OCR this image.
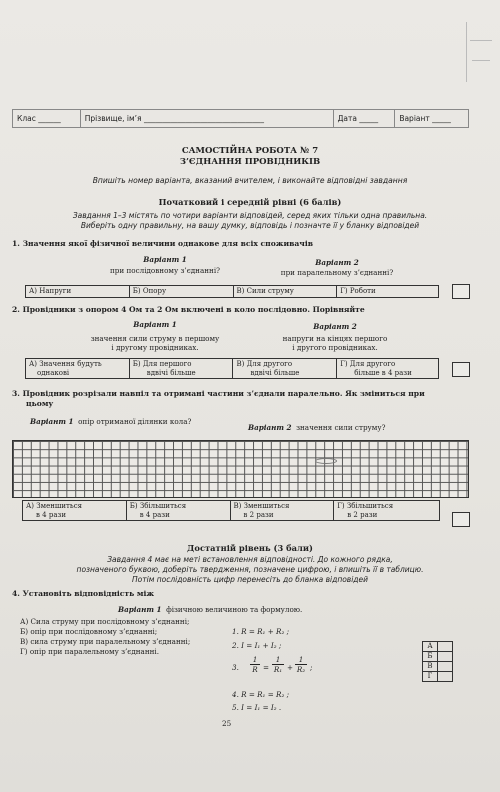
Клас ______	Прізвище, ім’я ________________________________	Дата _____	Варіант _____
САМОСТІЙНА РОБОТА № 7
З’ЄДНАННЯ ПРОВІДНИКІВ
Впишіть номер варіанта, вказаний вчителем, і виконайте відповідні завдання
Початковий і середній рівні (6 балів)
Завдання 1–3 містять по чотири варіанти відповідей, серед яких тільки одна правильна.
Виберіть одну правильну, на вашу думку, відповідь і позначте її у бланку відповідей
1. Значення якої фізичної величини однакове для всіх споживачів
Варіант 1
при послідовному з’єднанні?
Варіант 2
при паралельному з’єднанні?
А) Напруги	Б) Опору	В) Сили струму	Г) Роботи
2. Провідники з опором 4 Ом та 2 Ом включені в коло послідовно. Порівняйте
Варіант 1
значення сили струму в першому
і другому провідниках.
Варіант 2
напруги на кінцях першого
і другого провідниках.
А) Значення будуть
однакові

Б) Для першого
вдвічі більше

В) Для другого
вдвічі більше

Г) Для другого
більше в 4 рази
3. Провідник розрізали навпіл та отримані частини з’єднали паралельно. Як зміниться при
цьому
Варіант 1 опір отриманої ділянки кола?
Варіант 2 значення сили струму?
А) Зменшиться
в 4 рази

Б) Збільшиться
в 4 рази

В) Зменшиться
в 2 рази

Г) Збільшиться
в 2 рази
Достатній рівень (3 бали)
Завдання 4 має на меті встановлення відповідності. До кожного рядка,
позначеного буквою, доберіть твердження, позначене цифрою, і впишіть її в таблицю.
Потім послідовність цифр перенесіть до бланка відповідей
4. Установіть відповідність між
Варіант 1 фізичною величиною та формулою.
А) Сила струму при послідовному з’єднанні;
Б) опір при послідовному з’єднанні;
В) сила струму при паралельному з’єднанні;
Г) опір при паралельному з’єднанні.
1. R = R₁ + R₂ ;
2. I = I₁ + I₂ ;
3. $\frac{1}{R} = \frac{1}{\text{R₁}} + \frac{1}{\text{R₂}}$ ;
4. R = R₁ = R₂ ;
5. I = I₁ = I₂ .
А	
Б	
В	
Г	
25
